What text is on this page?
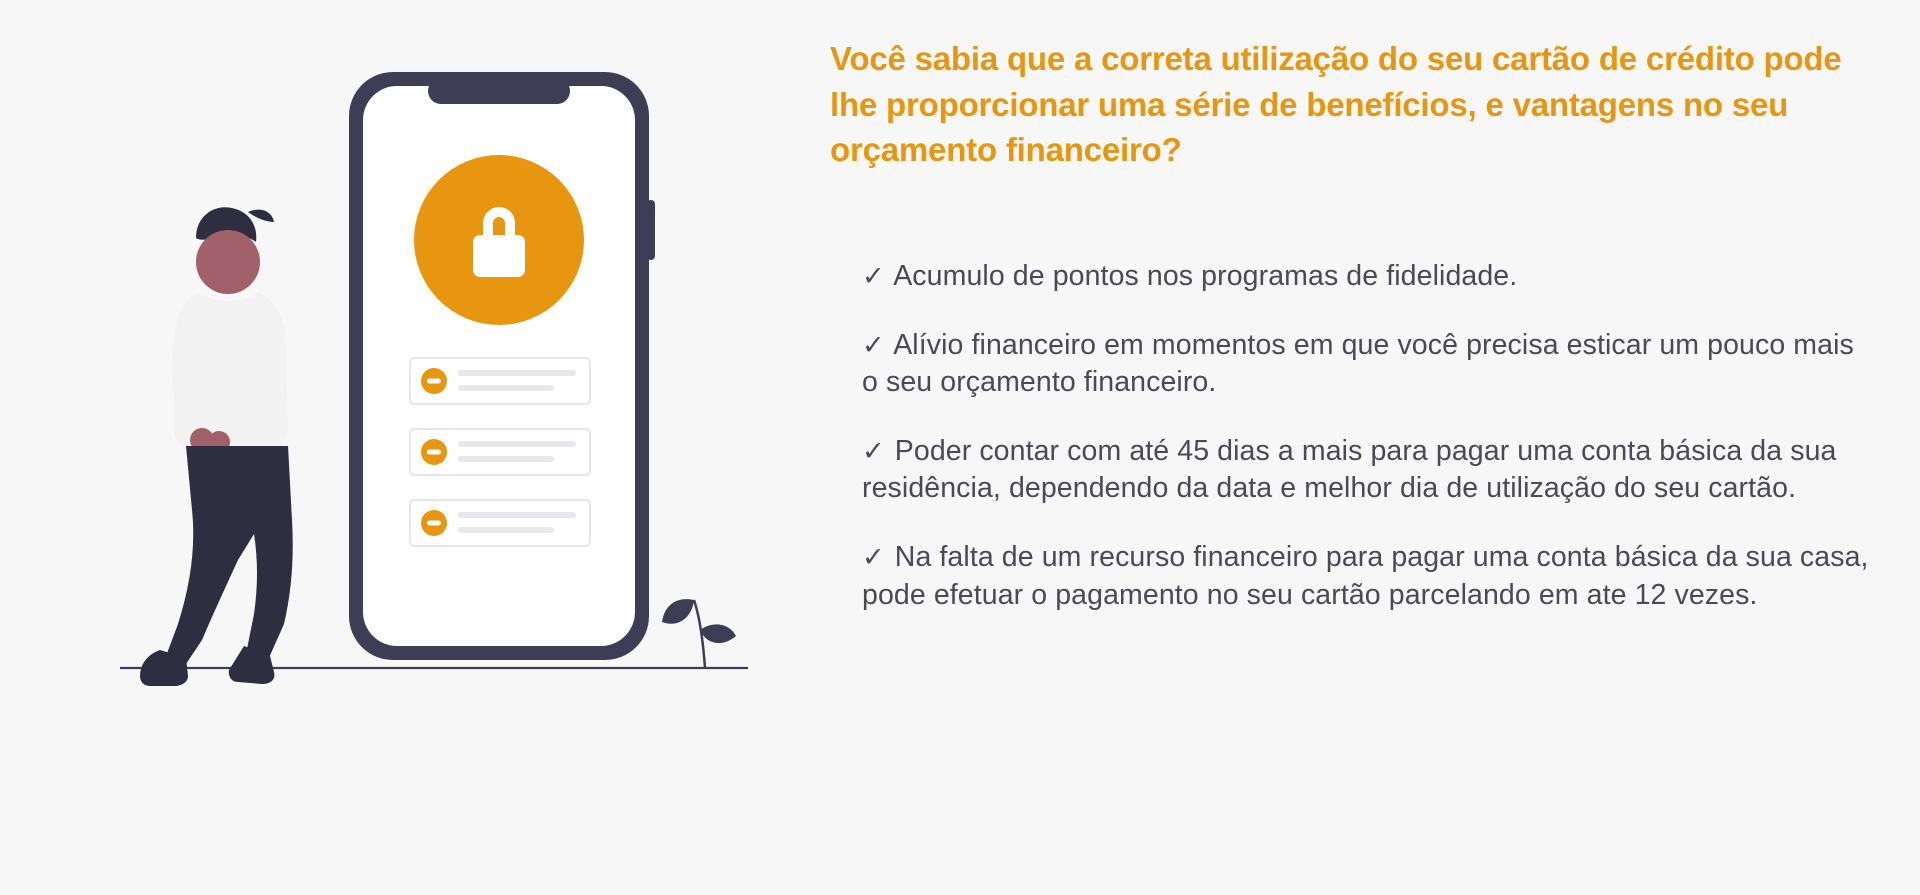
Você sabia que a correta utilização do seu cartão de crédito pode lhe proporcionar uma série de benefícios, e vantagens no seu orçamento financeiro?
✓ Acumulo de pontos nos programas de fidelidade.
✓ Alívio financeiro em momentos em que você precisa esticar um pouco mais o seu orçamento financeiro.
✓ Poder contar com até 45 dias a mais para pagar uma conta básica da sua residência, dependendo da data e melhor dia de utilização do seu cartão.
✓ Na falta de um recurso financeiro para pagar uma conta básica da sua casa, pode efetuar o pagamento no seu cartão parcelando em ate 12 vezes.
